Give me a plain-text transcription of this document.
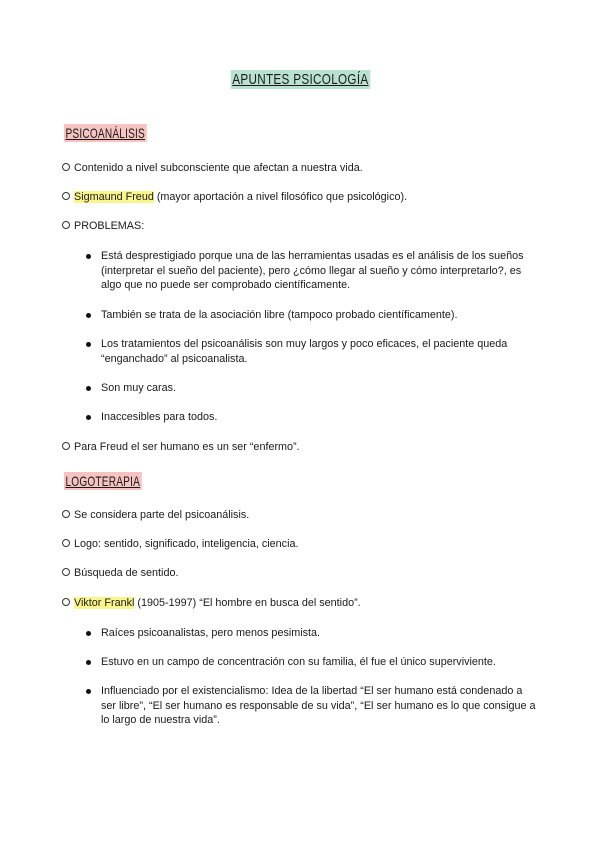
APUNTES PSICOLOGÍA
PSICOANÁLISIS
Contenido a nivel subconsciente que afectan a nuestra vida.
Sigmaund Freud (mayor aportación a nivel filosófico que psicológico).
PROBLEMAS:
Está desprestigiado porque una de las herramientas usadas es el análisis de los sueños (interpretar el sueño del paciente), pero ¿cómo llegar al sueño y cómo interpretarlo?, es algo que no puede ser comprobado científicamente.
También se trata de la asociación libre (tampoco probado científicamente).
Los tratamientos del psicoanálisis son muy largos y poco eficaces, el paciente queda “enganchado” al psicoanalista.
Son muy caras.
Inaccesibles para todos.
Para Freud el ser humano es un ser “enfermo”.
LOGOTERAPIA
Se considera parte del psicoanálisis.
Logo: sentido, significado, inteligencia, ciencia.
Búsqueda de sentido.
Viktor Frankl (1905-1997) “El hombre en busca del sentido”.
Raíces psicoanalistas, pero menos pesimista.
Estuvo en un campo de concentración con su familia, él fue el único superviviente.
Influenciado por el existencialismo: Idea de la libertad “El ser humano está condenado a ser libre”, “El ser humano es responsable de su vida”, “El ser humano es lo que consigue a lo largo de nuestra vida”.
